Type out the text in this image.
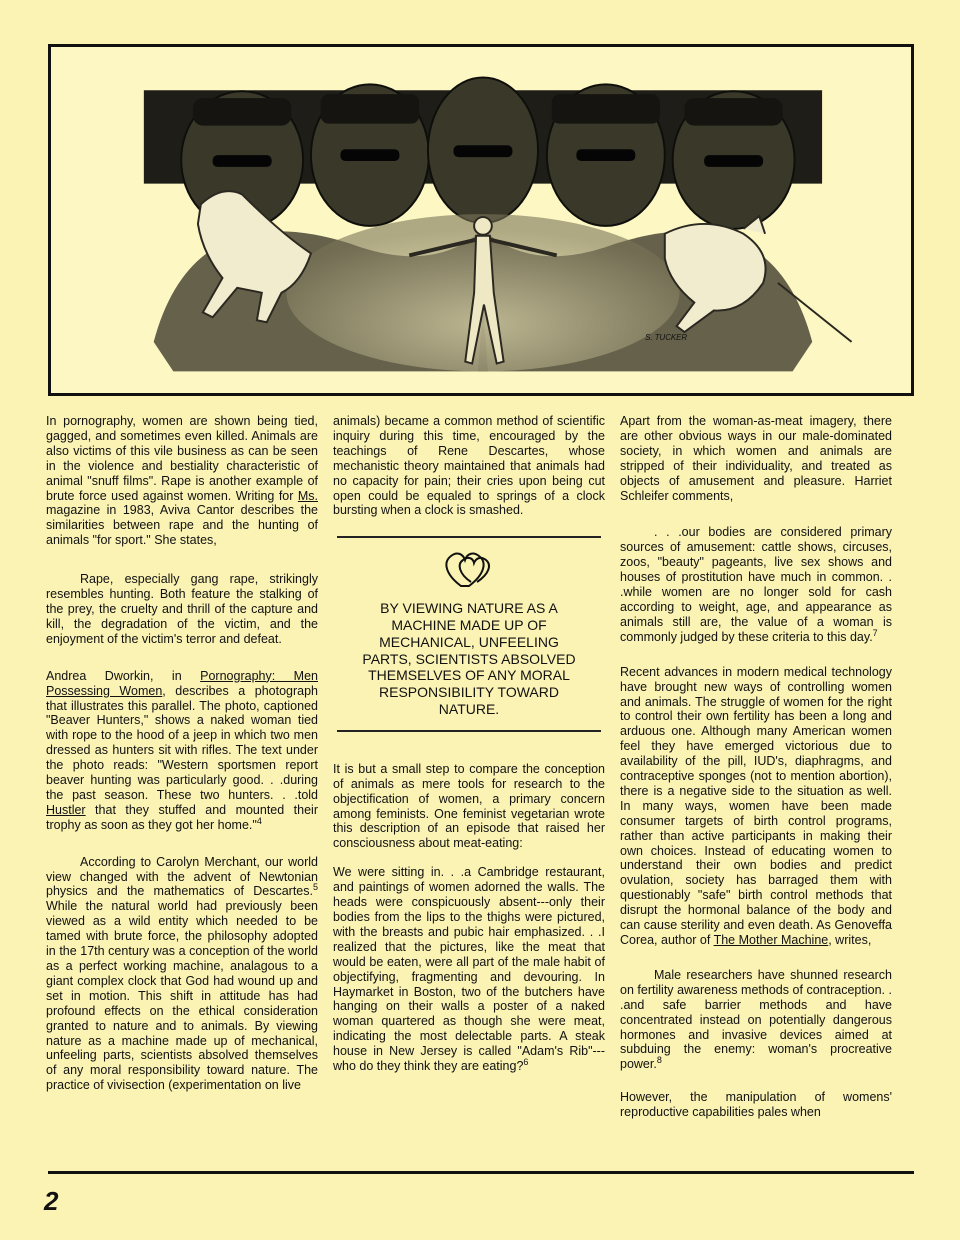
S. TUCKER

In pornography, women are shown being tied, gagged, and sometimes even killed. Animals are also victims of this vile business as can be seen in the violence and bestiality characteristic of animal "snuff films". Rape is another example of brute force used against women. Writing for Ms. magazine in 1983, Aviva Cantor describes the similarities between rape and the hunting of animals "for sport." She states,

Rape, especially gang rape, strikingly resembles hunting. Both feature the stalking of the prey, the cruelty and thrill of the capture and kill, the degradation of the victim, and the enjoyment of the victim's terror and defeat.

Andrea Dworkin, in Pornography: Men Possessing Women, describes a photograph that illustrates this parallel. The photo, captioned "Beaver Hunters," shows a naked woman tied with rope to the hood of a jeep in which two men dressed as hunters sit with rifles. The text under the photo reads: "Western sportsmen report beaver hunting was particularly good. . .during the past season. These two hunters. . .told Hustler that they stuffed and mounted their trophy as soon as they got her home."$^4$

According to Carolyn Merchant, our world view changed with the advent of Newtonian physics and the mathematics of Descartes.$^5$ While the natural world had previously been viewed as a wild entity which needed to be tamed with brute force, the philosophy adopted in the 17th century was a conception of the world as a perfect working machine, analagous to a giant complex clock that God had wound up and set in motion. This shift in attitude has had profound effects on the ethical consideration granted to nature and to animals. By viewing nature as a machine made up of mechanical, unfeeling parts, scientists absolved themselves of any moral responsibility toward nature. The practice of vivisection (experimentation on live

animals) became a common method of scientific inquiry during this time, encouraged by the teachings of Rene Descartes, whose mechanistic theory maintained that animals had no capacity for pain; their cries upon being cut open could be equaled to springs of a clock bursting when a clock is smashed.

BY VIEWING NATURE AS A MACHINE MADE UP OF MECHANICAL, UNFEELING PARTS, SCIENTISTS ABSOLVED THEMSELVES OF ANY MORAL RESPONSIBILITY TOWARD NATURE.

It is but a small step to compare the conception of animals as mere tools for research to the objectification of women, a primary concern among feminists. One feminist vegetarian wrote this description of an episode that raised her consciousness about meat-eating:

We were sitting in. . .a Cambridge restaurant, and paintings of women adorned the walls. The heads were conspicuously absent---only their bodies from the lips to the thighs were pictured, with the breasts and pubic hair emphasized. . .I realized that the pictures, like the meat that would be eaten, were all part of the male habit of objectifying, fragmenting and devouring. In Haymarket in Boston, two of the butchers have hanging on their walls a poster of a naked woman quartered as though she were meat, indicating the most delectable parts. A steak house in New Jersey is called "Adam's Rib"---who do they think they are eating?$^6$

Apart from the woman-as-meat imagery, there are other obvious ways in our male-dominated society, in which women and animals are stripped of their individuality, and treated as objects of amusement and pleasure. Harriet Schleifer comments,

. . .our bodies are considered primary sources of amusement: cattle shows, circuses, zoos, "beauty" pageants, live sex shows and houses of prostitution have much in common. . .while women are no longer sold for cash according to weight, age, and appearance as animals still are, the value of a woman is commonly judged by these criteria to this day.$^7$

Recent advances in modern medical technology have brought new ways of controlling women and animals. The struggle of women for the right to control their own fertility has been a long and arduous one. Although many American women feel they have emerged victorious due to availability of the pill, IUD's, diaphragms, and contraceptive sponges (not to mention abortion), there is a negative side to the situation as well. In many ways, women have been made consumer targets of birth control programs, rather than active participants in making their own choices. Instead of educating women to understand their own bodies and predict ovulation, society has barraged them with questionably "safe" birth control methods that disrupt the hormonal balance of the body and can cause sterility and even death. As Genoveffa Corea, author of The Mother Machine, writes,

Male researchers have shunned research on fertility awareness methods of contraception. . .and safe barrier methods and have concentrated instead on potentially dangerous hormones and invasive devices aimed at subduing the enemy: woman's procreative power.$^8$

However, the manipulation of womens' reproductive capabilities pales when

2
